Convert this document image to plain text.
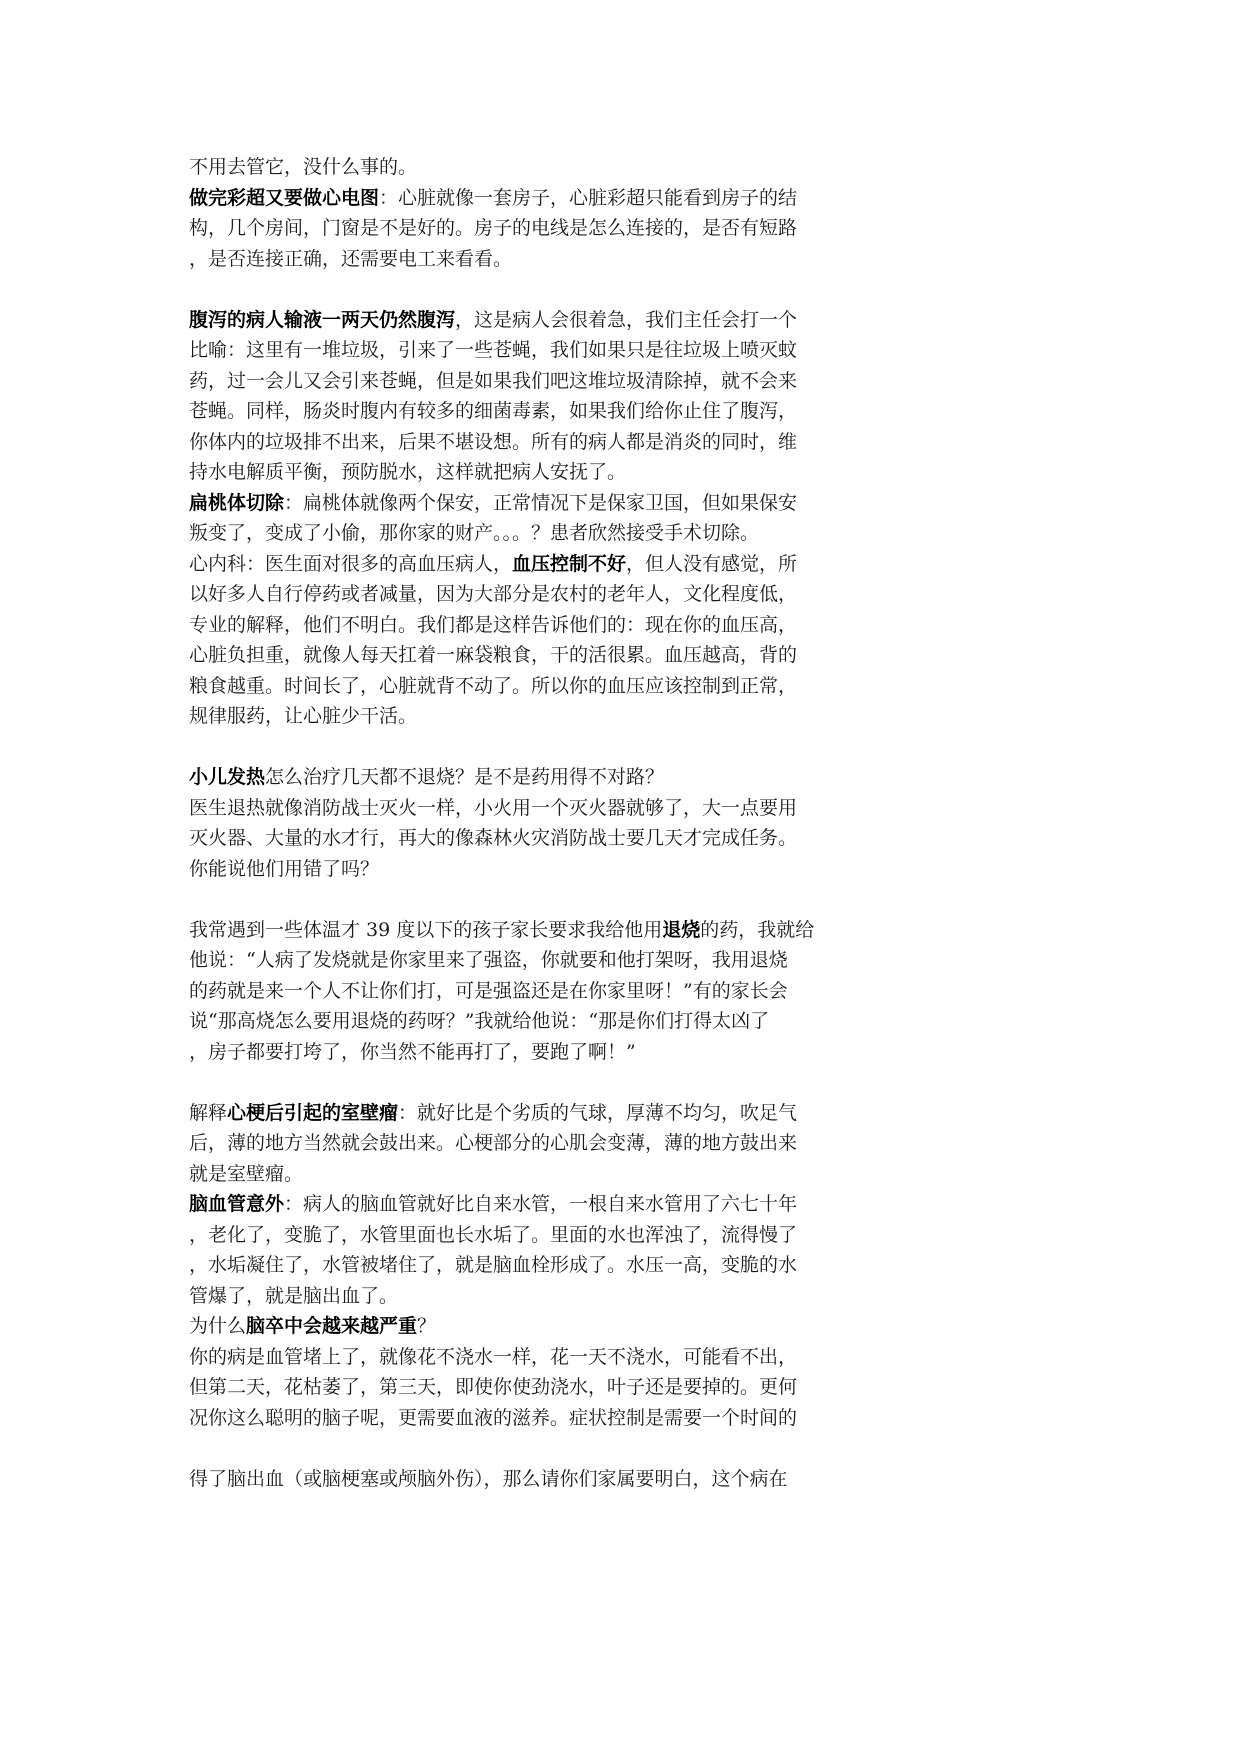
不用去管它，没什么事的。
做完彩超又要做心电图：心脏就像一套房子，心脏彩超只能看到房子的结
构，几个房间，门窗是不是好的。房子的电线是怎么连接的，是否有短路
，是否连接正确，还需要电工来看看。
腹泻的病人输液一两天仍然腹泻，这是病人会很着急，我们主任会打一个
比喻：这里有一堆垃圾，引来了一些苍蝇，我们如果只是往垃圾上喷灭蚊
药，过一会儿又会引来苍蝇，但是如果我们吧这堆垃圾清除掉，就不会来
苍蝇。同样，肠炎时腹内有较多的细菌毒素，如果我们给你止住了腹泻，
你体内的垃圾排不出来，后果不堪设想。所有的病人都是消炎的同时，维
持水电解质平衡，预防脱水，这样就把病人安抚了。
扁桃体切除：扁桃体就像两个保安，正常情况下是保家卫国，但如果保安
叛变了，变成了小偷，那你家的财产。。。？患者欣然接受手术切除。
心内科：医生面对很多的高血压病人，血压控制不好，但人没有感觉，所
以好多人自行停药或者减量，因为大部分是农村的老年人，文化程度低，
专业的解释，他们不明白。我们都是这样告诉他们的：现在你的血压高，
心脏负担重，就像人每天扛着一麻袋粮食，干的活很累。血压越高，背的
粮食越重。时间长了，心脏就背不动了。所以你的血压应该控制到正常，
规律服药，让心脏少干活。
小儿发热怎么治疗几天都不退烧？是不是药用得不对路？
医生退热就像消防战士灭火一样，小火用一个灭火器就够了，大一点要用
灭火器、大量的水才行，再大的像森林火灾消防战士要几天才完成任务。
你能说他们用错了吗？
我常遇到一些体温才 39 度以下的孩子家长要求我给他用退烧的药，我就给
他说：“人病了发烧就是你家里来了强盗，你就要和他打架呀，我用退烧
的药就是来一个人不让你们打，可是强盗还是在你家里呀！”有的家长会
说“那高烧怎么要用退烧的药呀？”我就给他说：“那是你们打得太凶了
，房子都要打垮了，你当然不能再打了，要跑了啊！”
解释心梗后引起的室壁瘤：就好比是个劣质的气球，厚薄不均匀，吹足气
后，薄的地方当然就会鼓出来。心梗部分的心肌会变薄，薄的地方鼓出来
就是室壁瘤。
脑血管意外：病人的脑血管就好比自来水管，一根自来水管用了六七十年
，老化了，变脆了，水管里面也长水垢了。里面的水也浑浊了，流得慢了
，水垢凝住了，水管被堵住了，就是脑血栓形成了。水压一高，变脆的水
管爆了，就是脑出血了。
为什么脑卒中会越来越严重？
你的病是血管堵上了，就像花不浇水一样，花一天不浇水，可能看不出，
但第二天，花枯萎了，第三天，即使你使劲浇水，叶子还是要掉的。更何
况你这么聪明的脑子呢，更需要血液的滋养。症状控制是需要一个时间的
得了脑出血（或脑梗塞或颅脑外伤），那么请你们家属要明白，这个病在
